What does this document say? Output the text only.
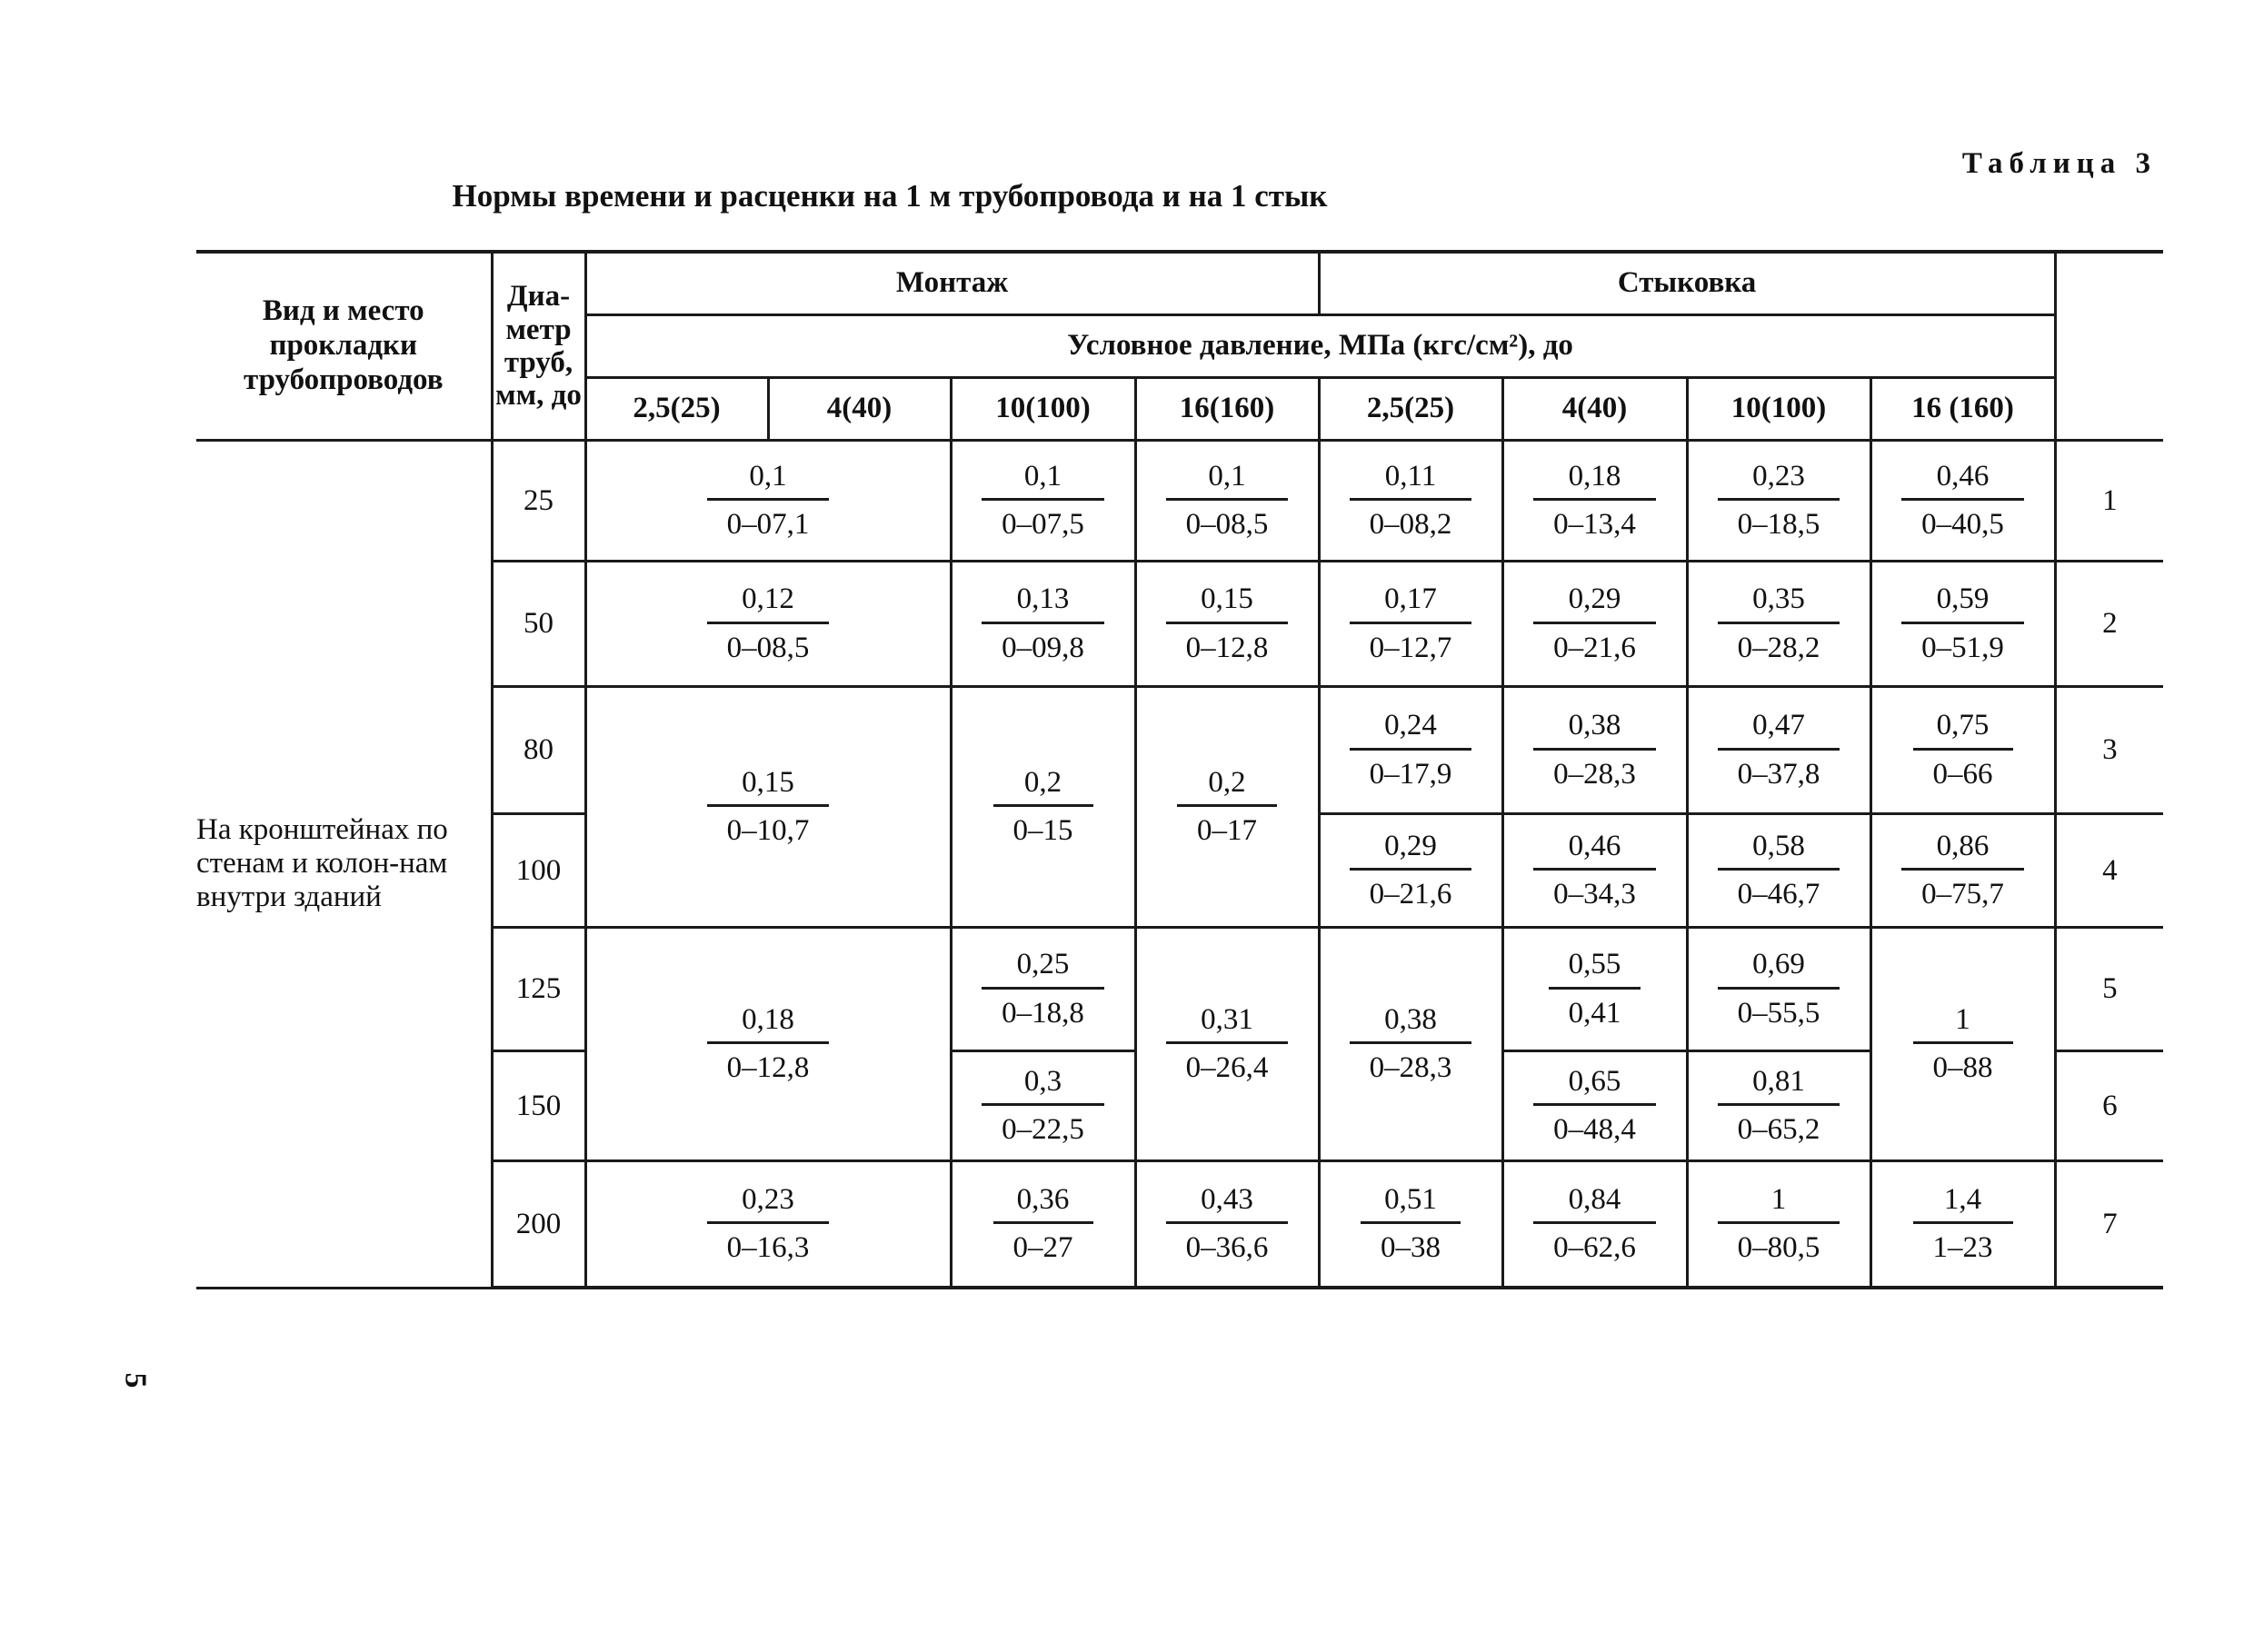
Таблица 3
Нормы времени и расценки на 1 м трубопровода и на 1 стык
Вид и место прокладки трубопроводов	Диа-метр труб, мм, до	Монтаж				Стыковка				
		Условное давление, МПа (кгс/см²), до								
		2,5(25)	4(40)	10(100)	16(160)	2,5(25)	4(40)	10(100)	16 (160)	
На кронштейнах по стенам и колон-нам внутри зданий	25	$\frac{0,1}{0-07,1}$		$\frac{0,1}{0-07,5}$	$\frac{0,1}{0-08,5}$	$\frac{0,11}{0-08,2}$	$\frac{0,18}{0-13,4}$	$\frac{0,23}{0-18,5}$	$\frac{0,46}{0-40,5}$	1
	50	$\frac{0,12}{0-08,5}$		$\frac{0,13}{0-09,8}$	$\frac{0,15}{0-12,8}$	$\frac{0,17}{0-12,7}$	$\frac{0,29}{0-21,6}$	$\frac{0,35}{0-28,2}$	$\frac{0,59}{0-51,9}$	2
	80	$\frac{0,15}{0-10,7}$		$\frac{0,2}{0-15}$	$\frac{0,2}{0-17}$	$\frac{0,24}{0-17,9}$	$\frac{0,38}{0-28,3}$	$\frac{0,47}{0-37,8}$	$\frac{0,75}{0-66}$	3
	100					$\frac{0,29}{0-21,6}$	$\frac{0,46}{0-34,3}$	$\frac{0,58}{0-46,7}$	$\frac{0,86}{0-75,7}$	4
	125	$\frac{0,18}{0-12,8}$		$\frac{0,25}{0-18,8}$	$\frac{0,31}{0-26,4}$	$\frac{0,38}{0-28,3}$	$\frac{0,55}{0,41}$	$\frac{0,69}{0-55,5}$	$\frac{1}{0-88}$	5
	150			$\frac{0,3}{0-22,5}$			$\frac{0,65}{0-48,4}$	$\frac{0,81}{0-65,2}$		6
	200	$\frac{0,23}{0-16,3}$		$\frac{0,36}{0-27}$	$\frac{0,43}{0-36,6}$	$\frac{0,51}{0-38}$	$\frac{0,84}{0-62,6}$	$\frac{1}{0-80,5}$	$\frac{1,4}{1-23}$	7
5
